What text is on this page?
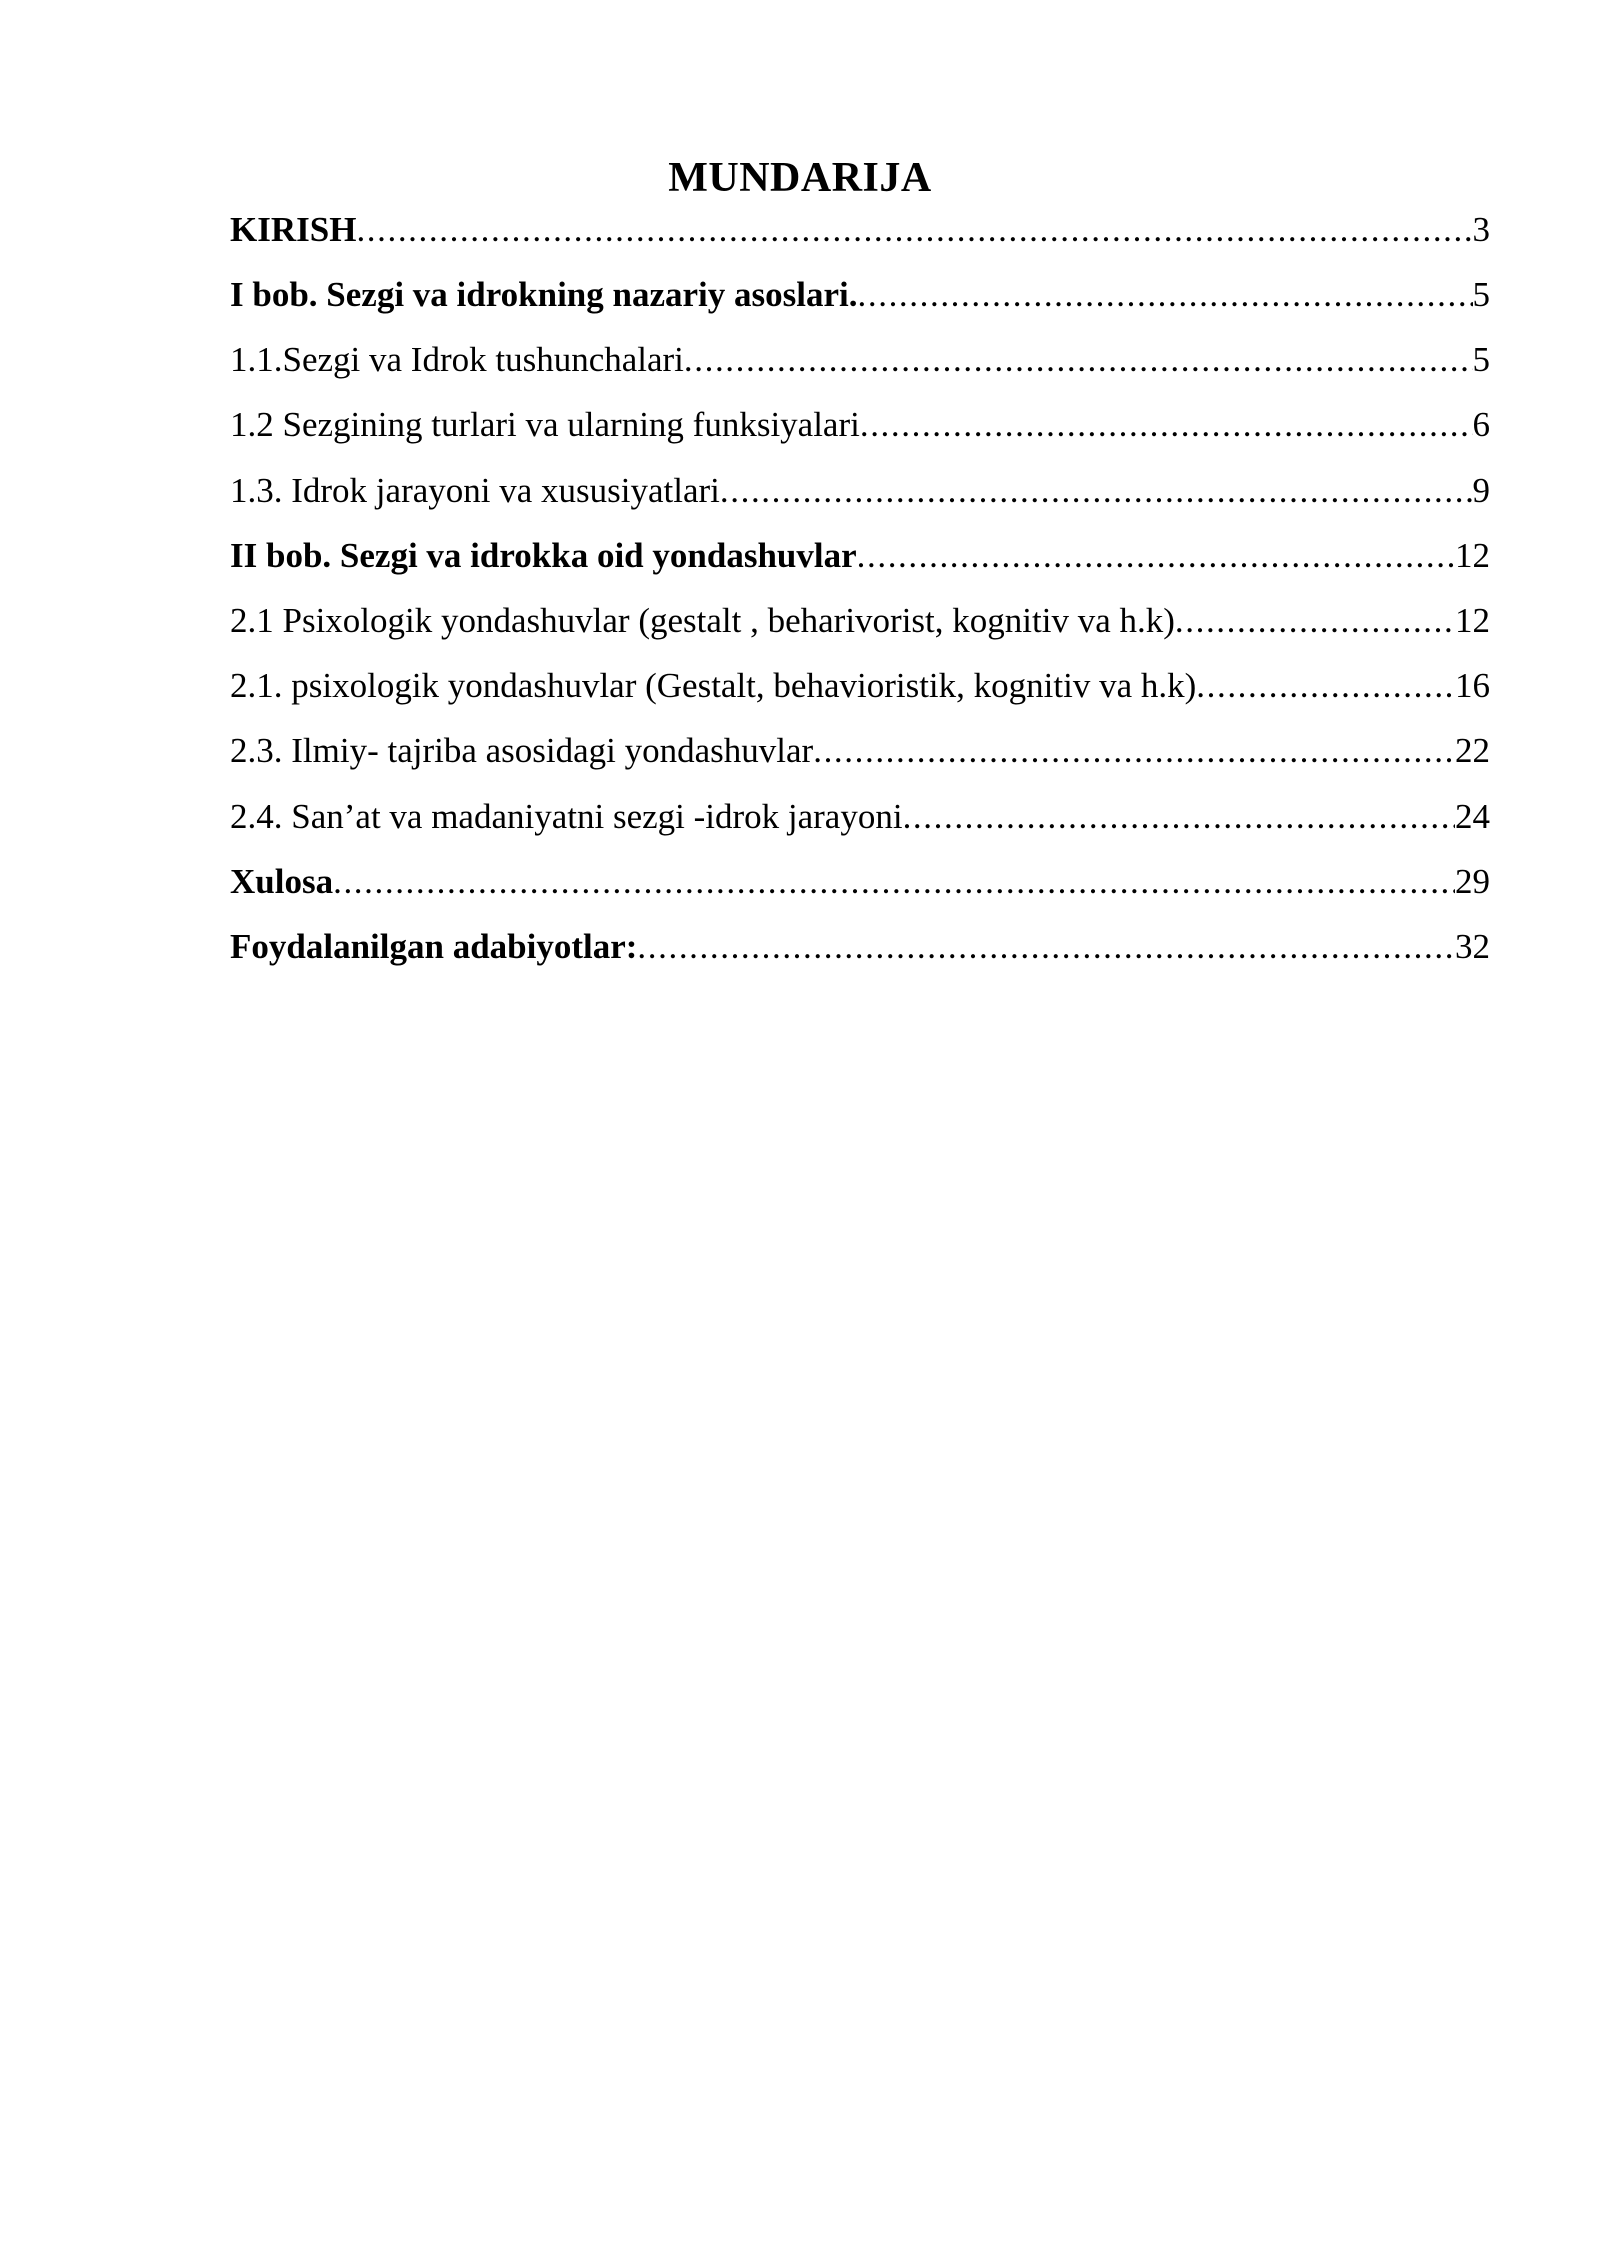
MUNDARIJA
KIRISH .....	3
I bob. Sezgi va idrokning nazariy asoslari. .....	5
1.1.Sezgi va Idrok tushunchalari .....	5
1.2 Sezgining turlari va ularning funksiyalari .....	6
1.3. Idrok jarayoni va xususiyatlari .....	9
II bob. Sezgi va idrokka oid yondashuvlar .....	12
2.1 Psixologik yondashuvlar (gestalt , beharivorist, kognitiv va h.k) .....	12
2.1. psixologik yondashuvlar (Gestalt, behavioristik, kognitiv va h.k) .....	16
2.3. Ilmiy- tajriba asosidagi yondashuvlar .....	22
2.4. San’at va madaniyatni sezgi -idrok jarayoni .....	24
Xulosa .....	29
Foydalanilgan adabiyotlar: .....	32
